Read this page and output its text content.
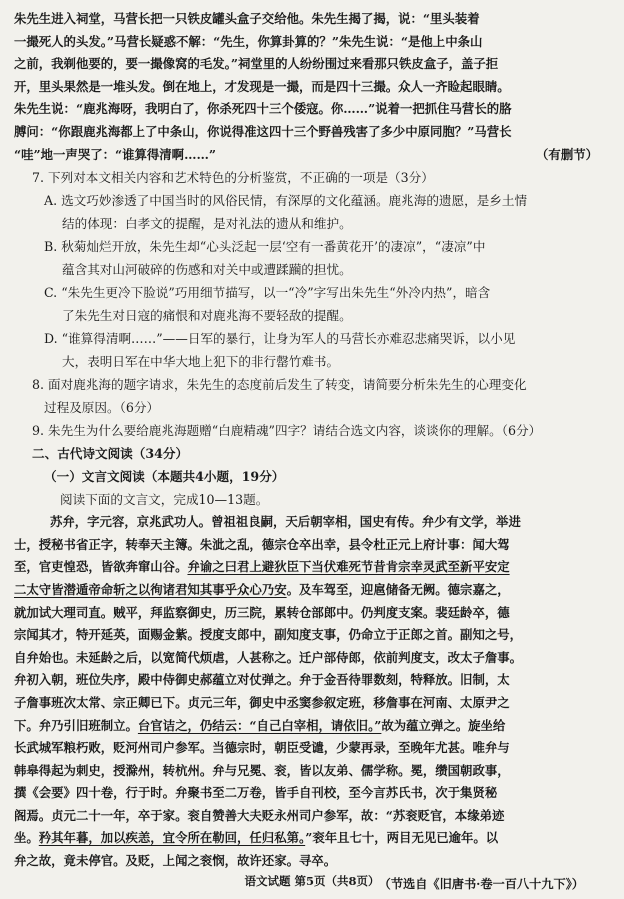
朱先生进入祠堂，马营长把一只铁皮罐头盒子交给他。朱先生揭了揭，说：“里头装着

一撮死人的头发。”马营长疑惑不解：“先生，你算卦算的？”朱先生说：“是他上中条山

之前，我剃他要的，要一撮像窝的毛发。”祠堂里的人纷纷围过来看那只铁皮盒子，盖子拒

开，里头果然是一堆头发。倒在地上，才发现是一撮，而是四十三撮。众人一齐睑起眼睛。

朱先生说：“鹿兆海呀，我明白了，你杀死四十三个倭寇。你……”说着一把抓住马营长的胳

膊问：“你跟鹿兆海都上了中条山，你说得准这四十三个野兽残害了多少中原同胞？”马营长

“哇”地一声哭了：“谁算得清啊……”	（有删节）

7. 下列对本文相关内容和艺术特色的分析鉴赏，不正确的一项是（3分）

A. 选文巧妙渗透了中国当时的风俗民情，有深厚的文化蕴涵。鹿兆海的遗愿，是乡土情

结的体现：白孝文的提醒，是对礼法的遗从和维护。

B. 秋菊灿烂开放，朱先生却“心头泛起一层‘空有一番黄花开’的凄凉”，“凄凉”中

蕴含其对山河破碎的伤感和对关中或遭蹂躏的担忧。

C. “朱先生更冷下脸说”巧用细节描写，以一“冷”字写出朱先生“外冷内热”，暗含

了朱先生对日寇的痛恨和对鹿兆海不要轻敌的提醒。

D. “谁算得清啊……”——日军的暴行，让身为军人的马营长亦难忍悲痛哭诉，以小见

大，表明日军在中华大地上犯下的非行罄竹难书。

8. 面对鹿兆海的题字请求，朱先生的态度前后发生了转变，请简要分析朱先生的心理变化

过程及原因。（6分）

9. 朱先生为什么要给鹿兆海题赠“白鹿精魂”四字？请结合选文内容，谈谈你的理解。（6分）

二、古代诗文阅读（34分）

（一）文言文阅读（本题共4小题，19分）

阅读下面的文言文，完成10—13题。

苏弁，字元容，京兆武功人。曾祖祖良嗣，天后朝宰相，国史有传。弁少有文学，举进

士，授秘书省正字，转奉天主簿。朱泚之乱，德宗仓卒出幸，县令杜正元上府计事：闻大驾

至，官吏惶恐，皆欲奔窜山谷。弁谕之曰君上避狄臣下当伏难死节昔肯宗幸灵武至新平安定

二太守皆潜遁帝命斩之以徇诸君知其事乎众心乃安。及车驾至，迎扈储备无阙。德宗嘉之，

就加试大理司直。贼平，拜监察御史，历三院，累转仓部郎中。仍判度支案。裴廷龄卒，德

宗闻其才，特开延英，面赐金紫。授度支郎中，副知度支事，仍命立于正郎之首。副知之号，

自弁始也。未延龄之后，以宽简代烦虐，人甚称之。迁户部侍郎，依前判度支，改太子詹事。

弁初入朝，班位失序，殿中侍御史郝蕴立对仗弹之。弁于金吾待罪数刻，特释放。旧制，太

子詹事班次太常、宗正卿已下。贞元三年，御史中丞窦参叙定班，移詹事在河南、太原尹之

下。弁乃引旧班制立。台官诘之，仍结云：“自己白宰相，请依旧。”故为蕴立弹之。旋坐给

长武城军粮朽败，贬河州司户参军。当德宗时，朝臣受谴，少蒙再录，至晚年尤甚。唯弁与

韩皋得起为刺史，授滁州，转杭州。弁与兄冕、衮，皆以友弟、儒学称。冕，缵国朝政事，

撰《会要》四十卷，行于时。弁聚书至二万卷，皆手自刊校，至今言苏氏书，次于集贤秘

阁焉。贞元二十一年，卒于家。衮自赞善大夫贬永州司户参军，故：“苏衮贬官，本缘弟迹

坐。矜其年暮，加以疾恙，宜令所在勒回，任归私第。”衮年且七十，两目无见已逾年。以

弁之故，竟未停官。及贬，上闻之衮悯，故许还家。寻卒。

（节选自《旧唐书·卷一百八十九下》）

语文试题 第5页（共8页）
